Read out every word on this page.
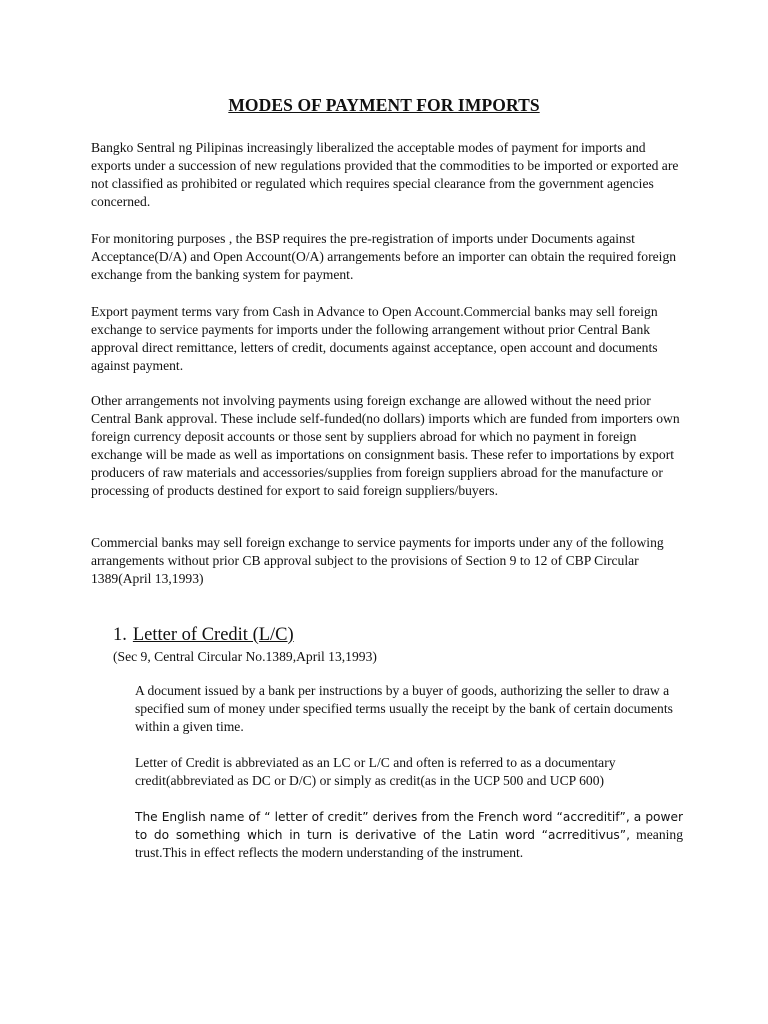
MODES OF PAYMENT FOR IMPORTS

Bangko Sentral ng Pilipinas increasingly liberalized the acceptable modes of payment for imports and exports under a succession of new regulations provided that the commodities to be imported or exported are not classified as prohibited or regulated which requires special clearance from the government agencies concerned.

For monitoring purposes , the BSP requires the pre-registration of imports under Documents against Acceptance(D/A) and Open Account(O/A) arrangements before an importer can obtain the required foreign exchange from the banking system for payment.

Export payment terms vary from Cash in Advance to Open Account.Commercial banks may sell foreign exchange to service payments for imports under the following arrangement without prior Central Bank approval direct remittance, letters of credit, documents against acceptance, open account and documents against payment.

Other arrangements not involving payments using foreign exchange are allowed without the need prior Central Bank approval. These include self-funded(no dollars) imports which are funded from importers own foreign currency deposit accounts or those sent by suppliers abroad for which no payment in foreign exchange will be made as well as importations on consignment basis. These refer to importations by export producers of raw materials and accessories/supplies from foreign suppliers abroad for the manufacture or processing of products destined for export to said foreign suppliers/buyers.

Commercial banks may sell foreign exchange to service payments for imports under any of the following arrangements without prior CB approval subject to the provisions of Section 9 to 12 of CBP Circular 1389(April 13,1993)

1. Letter of Credit (L/C)
(Sec 9, Central Circular No.1389,April 13,1993)

A document issued by a bank per instructions by a buyer of goods, authorizing the seller to draw a specified sum of money under specified terms usually the receipt by the bank of certain documents within a given time.

Letter of Credit is abbreviated as an LC or L/C and often is referred to as a documentary credit(abbreviated as DC or D/C) or simply as credit(as in the UCP 500 and UCP 600)

The English name of “ letter of credit” derives from the French word “accreditif”, a power to do something which in turn is derivative of the Latin word “acrreditivus”, meaning trust.This in effect reflects the modern understanding of the instrument.
